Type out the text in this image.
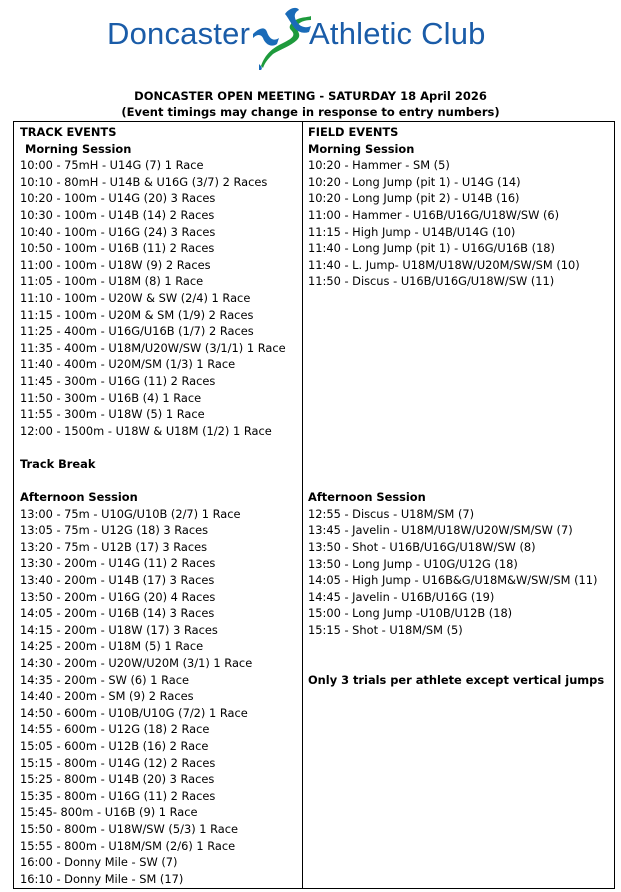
Doncaster Athletic Club
DONCASTER OPEN MEETING - SATURDAY 18 April 2026
(Event timings may change in response to entry numbers)
TRACK EVENTS
Morning Session
10:00 - 75mH - U14G (7) 1 Race
10:10 - 80mH - U14B & U16G (3/7) 2 Races
10:20 - 100m - U14G (20) 3 Races
10:30 - 100m - U14B (14) 2 Races
10:40 - 100m - U16G (24) 3 Races
10:50 - 100m - U16B (11) 2 Races
11:00 - 100m - U18W (9) 2 Races
11:05 - 100m - U18M (8) 1 Race
11:10 - 100m - U20W & SW (2/4) 1 Race
11:15 - 100m - U20M & SM (1/9) 2 Races
11:25 - 400m - U16G/U16B (1/7) 2 Races
11:35 - 400m - U18M/U20W/SW (3/1/1) 1 Race
11:40 - 400m - U20M/SM (1/3) 1 Race
11:45 - 300m - U16G (11) 2 Races
11:50 - 300m - U16B (4) 1 Race
11:55 - 300m - U18W (5) 1 Race
12:00 - 1500m - U18W & U18M (1/2) 1 Race
Track Break
Afternoon Session
13:00 - 75m - U10G/U10B (2/7) 1 Race
13:05 - 75m - U12G (18) 3 Races
13:20 - 75m - U12B (17) 3 Races
13:30 - 200m - U14G (11) 2 Races
13:40 - 200m - U14B (17) 3 Races
13:50 - 200m - U16G (20) 4 Races
14:05 - 200m - U16B (14) 3 Races
14:15 - 200m - U18W (17) 3 Races
14:25 - 200m - U18M (5) 1 Race
14:30 - 200m - U20W/U20M (3/1) 1 Race
14:35 - 200m - SW (6) 1 Race
14:40 - 200m - SM (9) 2 Races
14:50 - 600m - U10B/U10G (7/2) 1 Race
14:55 - 600m - U12G (18) 2 Race
15:05 - 600m - U12B (16) 2 Race
15:15 - 800m - U14G (12) 2 Races
15:25 - 800m - U14B (20) 3 Races
15:35 - 800m - U16G (11) 2 Races
15:45- 800m - U16B (9) 1 Race
15:50 - 800m - U18W/SW (5/3) 1 Race
15:55 - 800m - U18M/SM (2/6) 1 Race
16:00 - Donny Mile - SW (7)
16:10 - Donny Mile - SM (17)
FIELD EVENTS
Morning Session
10:20 - Hammer - SM (5)
10:20 - Long Jump (pit 1) - U14G (14)
10:20 - Long Jump (pit 2) - U14B (16)
11:00 - Hammer - U16B/U16G/U18W/SW (6)
11:15 - High Jump - U14B/U14G (10)
11:40 - Long Jump (pit 1) - U16G/U16B (18)
11:40 - L. Jump- U18M/U18W/U20M/SW/SM (10)
11:50 - Discus - U16B/U16G/U18W/SW (11)
Afternoon Session
12:55 - Discus - U18M/SM (7)
13:45 - Javelin - U18M/U18W/U20W/SM/SW (7)
13:50 - Shot - U16B/U16G/U18W/SW (8)
13:50 - Long Jump - U10G/U12G (18)
14:05 - High Jump - U16B&G/U18M&W/SW/SM (11)
14:45 - Javelin - U16B/U16G (19)
15:00 - Long Jump -U10B/U12B (18)
15:15 - Shot - U18M/SM (5)
Only 3 trials per athlete except vertical jumps
